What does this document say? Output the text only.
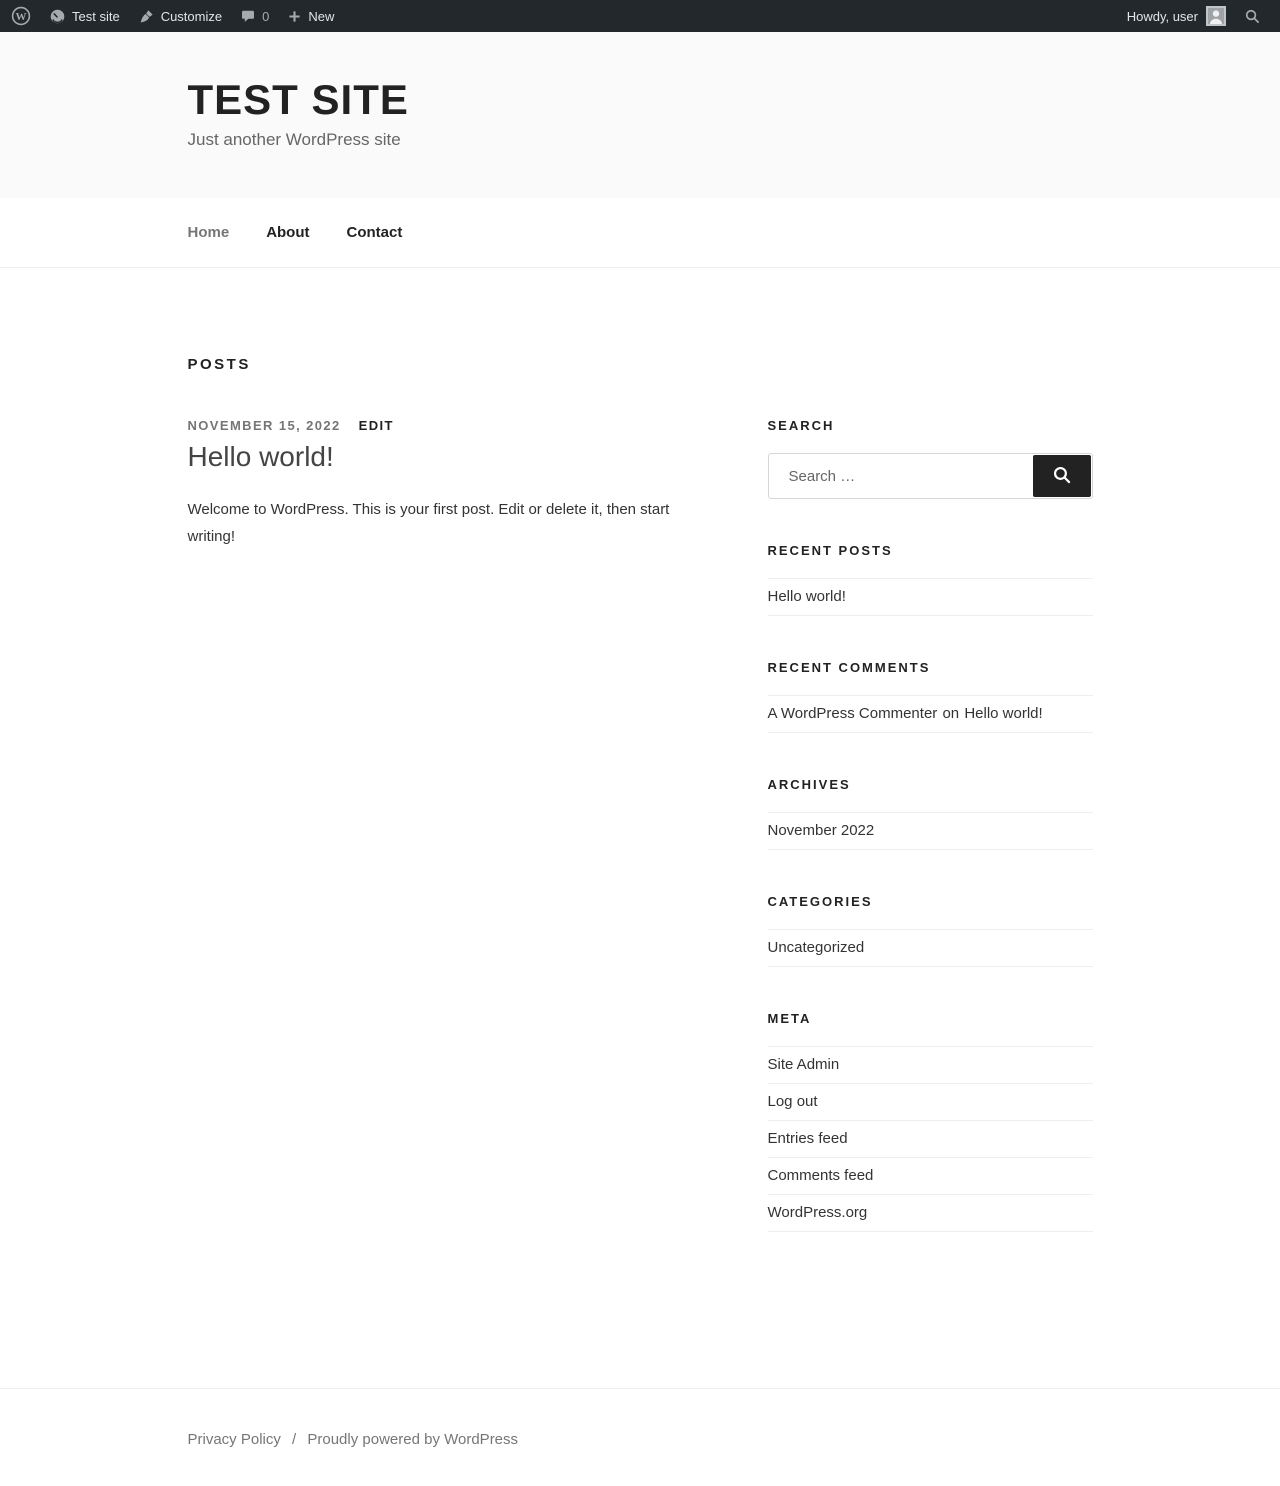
W	Test site	Customize	0	New	Howdy, user
TEST SITE

Just another WordPress site

Home About Contact
POSTS
NOVEMBER 15, 2022 EDIT
Hello world!

Welcome to WordPress. This is your first post. Edit or delete it, then start writing!

SEARCH
Search …
RECENT POSTS
Hello world!
RECENT COMMENTS
A WordPress Commenter on Hello world!
ARCHIVES
November 2022
CATEGORIES
Uncategorized
META
Site Admin
Log out
Entries feed
Comments feed
WordPress.org
Privacy Policy / Proudly powered by WordPress
